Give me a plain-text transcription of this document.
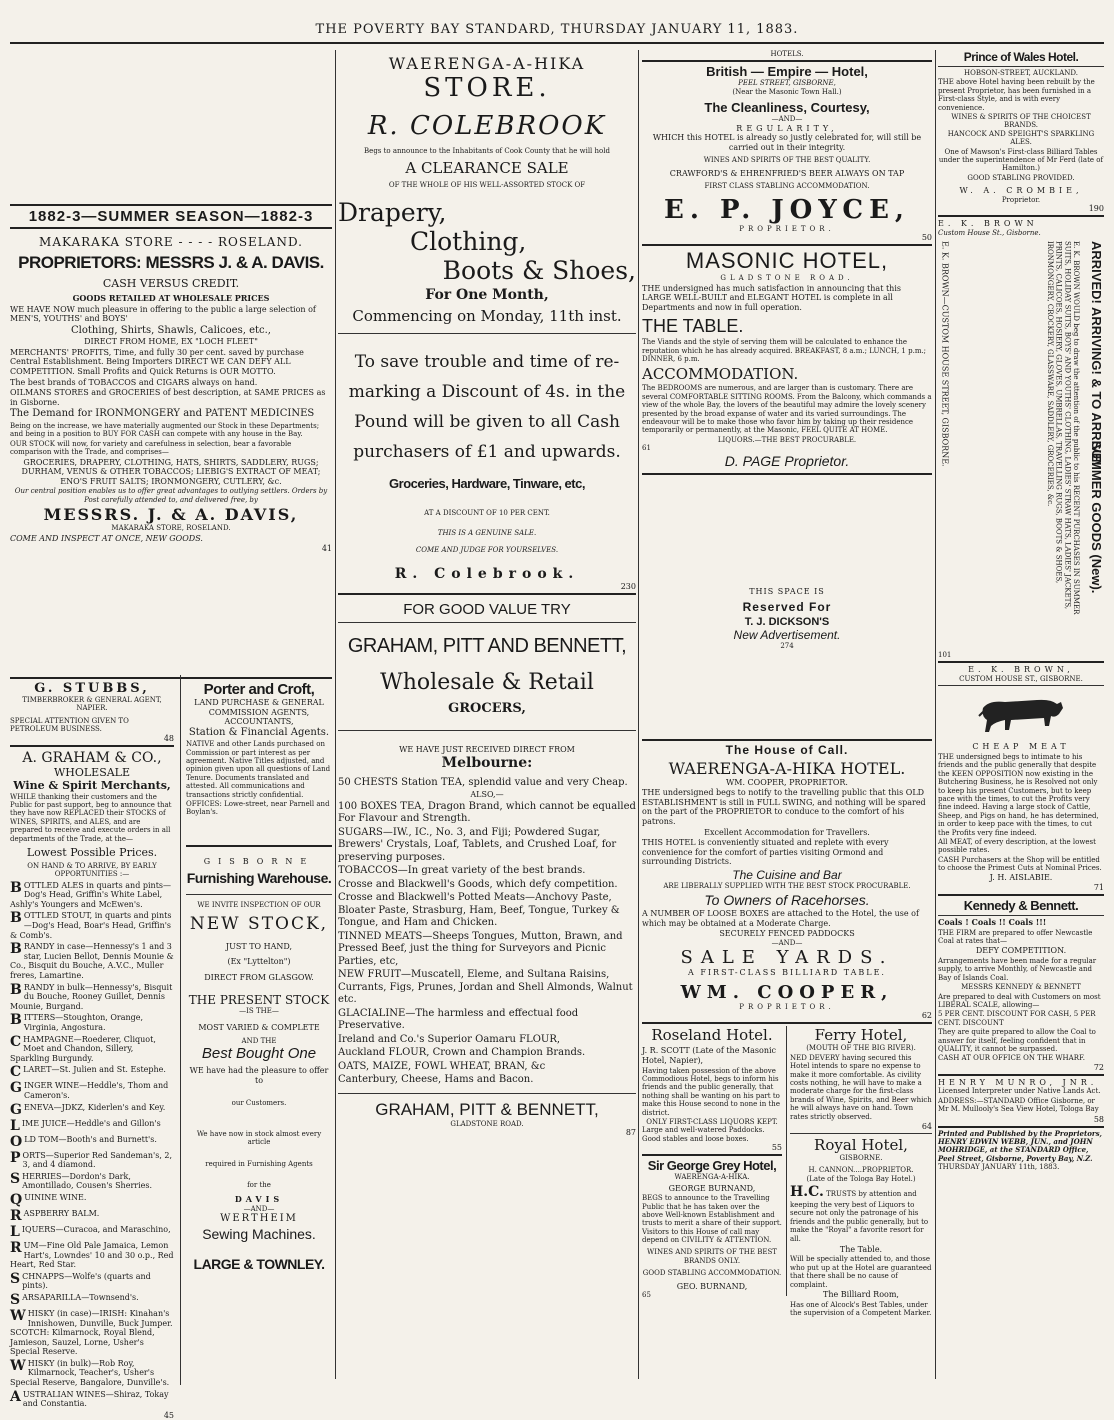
THE POVERTY BAY STANDARD, THURSDAY JANUARY 11, 1883.
1882-3—SUMMER SEASON—1882-3
MAKARAKA STORE - - - - ROSELAND.
PROPRIETORS: MESSRS J. & A. DAVIS.
CASH VERSUS CREDIT.
GOODS RETAILED AT WHOLESALE PRICES
WE HAVE NOW much pleasure in offering to the public a large selection of MEN'S, YOUTHS' and BOYS'
Clothing, Shirts, Shawls, Calicoes, etc.,
DIRECT FROM HOME, EX "LOCH FLEET"
MERCHANTS' PROFITS, Time, and fully 30 per cent. saved by purchase Central Establishment. Being Importers DIRECT WE CAN DEFY ALL COMPETITION. Small Profits and Quick Returns is OUR MOTTO.
The best brands of TOBACCOS and CIGARS always on hand.
OILMANS STORES and GROCERIES of best description, at SAME PRICES as in Gisborne.
The Demand for IRONMONGERY and PATENT MEDICINES
Being on the increase, we have materially augmented our Stock in these Departments; and being in a position to BUY FOR CASH can compete with any house in the Bay.
OUR STOCK will now, for variety and carefulness in selection, bear a favorable comparison with the Trade, and comprises—
GROCERIES, DRAPERY, CLOTHING, HATS, SHIRTS, SADDLERY, RUGS; DURHAM, VENUS & OTHER TOBACCOS; LIEBIG'S EXTRACT OF MEAT; ENO'S FRUIT SALTS; IRONMONGERY, CUTLERY, &c.
Our central position enables us to offer great advantages to outlying settlers. Orders by Post carefully attended to, and delivered free, by
MESSRS. J. & A. DAVIS,
MAKARAKA STORE, ROSELAND.
COME AND INSPECT AT ONCE, NEW GOODS.
41
G. STUBBS,
TIMBERBROKER & GENERAL AGENT,
NAPIER.
SPECIAL ATTENTION GIVEN TO PETROLEUM BUSINESS.
48
A. GRAHAM & CO.,
WHOLESALE
Wine & Spirit Merchants,
WHILE thanking their customers and the Public for past support, beg to announce that they have now REPLACED their STOCKS of WINES, SPIRITS, and ALES, and are prepared to receive and execute orders in all departments of the Trade, at the—
Lowest Possible Prices.
ON HAND & TO ARRIVE, BY EARLY OPPORTUNITIES :—
BOTTLED ALES in quarts and pints—Dog's Head, Griffin's White Label, Ashly's Youngers and McEwen's.
BOTTLED STOUT, in quarts and pints—Dog's Head, Boar's Head, Griffin's & Comb's.
BRANDY in case—Hennessy's 1 and 3 star, Lucien Bellot, Dennis Mounie & Co., Bisquit du Bouche, A.V.C., Muller freres, Lamartine.
BRANDY in bulk—Hennessy's, Bisquit du Bouche, Rooney Guillet, Dennis Mounie, Burgand.
BITTERS—Stoughton, Orange, Virginia, Angostura.
CHAMPAGNE—Roederer, Cliquot, Moet and Chandon, Sillery, Sparkling Burgundy.
CLARET—St. Julien and St. Estephe.
GINGER WINE—Heddle's, Thom and Cameron's.
GENEVA—JDKZ, Kiderlen's and Key.
LIME JUICE—Heddle's and Gillon's
OLD TOM—Booth's and Burnett's.
PORTS—Superior Red Sandeman's, 2, 3, and 4 diamond.
SHERRIES—Dordon's Dark, Amontillado, Cousen's Sherries.
QUININE WINE.
RASPBERRY BALM.
LIQUERS—Curacoa, and Maraschino,
RUM—Fine Old Pale Jamaica, Lemon Hart's, Lowndes' 10 and 30 o.p., Red Heart, Red Star.
SCHNAPPS—Wolfe's (quarts and pints).
SARSAPARILLA—Townsend's.
WHISKY (in case)—IRISH: Kinahan's Innishowen, Dunville, Buck Jumper. SCOTCH: Kilmarnock, Royal Blend, Jamieson, Sauzel, Lorne, Usher's Special Reserve.
WHISKY (in bulk)—Rob Roy, Kilmarnock, Teacher's, Usher's Special Reserve, Bangalore, Dunville's.
AUSTRALIAN WINES—Shiraz, Tokay and Constantia.
45
Porter and Croft,
LAND PURCHASE & GENERAL COMMISSION AGENTS,
ACCOUNTANTS,
Station & Financial Agents.
NATIVE and other Lands purchased on Commission or part interest as per agreement. Native Titles adjusted, and opinion given upon all questions of Land Tenure. Documents translated and attested. All communications and transactions strictly confidential.
OFFICES: Lowe-street, near Parnell and Boylan's.
GISBORNE
Furnishing Warehouse.
WE INVITE INSPECTION OF OUR
NEW STOCK,
JUST TO HAND,
(Ex "Lyttelton")
DIRECT FROM GLASGOW.
THE PRESENT STOCK
—IS THE—
MOST VARIED & COMPLETE
AND THE
Best Bought One
WE have had the pleasure to offer to
our Customers.
We have now in stock almost every article
required in Furnishing Agents
for the
DAVIS
—AND—
WERTHEIM
Sewing Machines.
LARGE & TOWNLEY.
WAERENGA-A-HIKA
STORE.
R. COLEBROOK
Begs to announce to the Inhabitants of Cook County that he will hold
A CLEARANCE SALE
OF THE WHOLE OF HIS WELL-ASSORTED STOCK OF
Drapery,
Clothing,
Boots & Shoes,
For One Month,
Commencing on Monday, 11th inst.
To save trouble and time of re-
marking a Discount of 4s. in the
Pound will be given to all Cash
purchasers of £1 and upwards.
Groceries, Hardware, Tinware, etc,
AT A DISCOUNT OF 10 PER CENT.
THIS IS A GENUINE SALE.
COME AND JUDGE FOR YOURSELVES.
R. Colebrook.
230
FOR GOOD VALUE TRY
GRAHAM, PITT AND BENNETT,
Wholesale & Retail
GROCERS,
WE HAVE JUST RECEIVED DIRECT FROM
Melbourne:
50 CHESTS Station TEA, splendid value and very Cheap.
ALSO,—
100 BOXES TEA, Dragon Brand, which cannot be equalled For Flavour and Strength.
SUGARS—IW., IC., No. 3, and Fiji; Powdered Sugar, Brewers' Crystals, Loaf, Tablets, and Crushed Loaf, for preserving purposes.
TOBACCOS—In great variety of the best brands.
Crosse and Blackwell's Goods, which defy competition.
Crosse and Blackwell's Potted Meats—Anchovy Paste, Bloater Paste, Strasburg, Ham, Beef, Tongue, Turkey & Tongue, and Ham and Chicken.
TINNED MEATS—Sheeps Tongues, Mutton, Brawn, and Pressed Beef, just the thing for Surveyors and Picnic Parties, etc,
NEW FRUIT—Muscatell, Eleme, and Sultana Raisins, Currants, Figs, Prunes, Jordan and Shell Almonds, Walnut etc.
GLACIALINE—The harmless and effectual food Preservative.
Ireland and Co.'s Superior Oamaru FLOUR,
Auckland FLOUR, Crown and Champion Brands.
OATS, MAIZE, FOWL WHEAT, BRAN, &c
Canterbury, Cheese, Hams and Bacon.
GRAHAM, PITT & BENNETT,
GLADSTONE ROAD.
87
HOTELS.
British — Empire — Hotel,
PEEL STREET, GISBORNE,
(Near the Masonic Town Hall.)
The Cleanliness, Courtesy,
—AND—
REGULARITY,
WHICH this HOTEL is already so justly celebrated for, will still be carried out in their integrity.
WINES AND SPIRITS OF THE BEST QUALITY.
CRAWFORD'S & EHRENFRIED'S BEER ALWAYS ON TAP
FIRST CLASS STABLING ACCOMMODATION.
E. P. JOYCE,
PROPRIETOR.
50
MASONIC HOTEL,
GLADSTONE ROAD.
THE undersigned has much satisfaction in announcing that this LARGE WELL-BUILT and ELEGANT HOTEL is complete in all Departments and now in full operation.
THE TABLE.
The Viands and the style of serving them will be calculated to enhance the reputation which he has already acquired. BREAKFAST, 8 a.m.; LUNCH, 1 p.m.; DINNER, 6 p.m.
ACCOMMODATION.
The BEDROOMS are numerous, and are larger than is customary. There are several COMFORTABLE SITTING ROOMS. From the Balcony, which commands a view of the whole Bay, the lovers of the beautiful may admire the lovely scenery presented by the broad expanse of water and its varied surroundings. The endeavour will be to make those who favor him by taking up their residence temporarily or permanently, at the Masonic, FEEL QUITE AT HOME.
LIQUORS.—THE BEST PROCURABLE.
61
D. PAGE Proprietor.
THIS SPACE IS
Reserved For
T. J. DICKSON'S
New Advertisement.
274
The House of Call.
WAERENGA-A-HIKA HOTEL.
WM. COOPER, PROPRIETOR.
THE undersigned begs to notify to the travelling public that this OLD ESTABLISHMENT is still in FULL SWING, and nothing will be spared on the part of the PROPRIETOR to conduce to the comfort of his patrons.
Excellent Accommodation for Travellers.
THIS HOTEL is conveniently situated and replete with every convenience for the comfort of parties visiting Ormond and surrounding Districts.
The Cuisine and Bar
ARE LIBERALLY SUPPLIED WITH THE BEST STOCK PROCURABLE.
To Owners of Racehorses.
A NUMBER OF LOOSE BOXES are attached to the Hotel, the use of which may be obtained at a Moderate Charge.
SECURELY FENCED PADDOCKS
—AND—
SALE YARDS.
A FIRST-CLASS BILLIARD TABLE.
WM. COOPER,
PROPRIETOR.
62
Roseland Hotel.
J. R. SCOTT (Late of the Masonic Hotel, Napier),
Having taken possession of the above Commodious Hotel, begs to inform his friends and the public generally, that nothing shall be wanting on his part to make this House second to none in the district.
ONLY FIRST-CLASS LIQUORS KEPT.
Large and well-watered Paddocks. Good stables and loose boxes.
55
Sir George Grey Hotel,
WAERENGA-A-HIKA.
GEORGE BURNAND,
BEGS to announce to the Travelling Public that he has taken over the above Well-known Establishment and trusts to merit a share of their support. Visitors to this House of call may depend on CIVILITY & ATTENTION.
WINES AND SPIRITS OF THE BEST BRANDS ONLY.
GOOD STABLING ACCOMMODATION.
GEO. BURNAND,
65
Ferry Hotel,
(MOUTH OF THE BIG RIVER).
NED DEVERY having secured this Hotel intends to spare no expense to make it more comfortable. As civility costs nothing, he will have to make a moderate charge for the first-class brands of Wine, Spirits, and Beer which he will always have on hand. Town rates strictly observed.
64
Royal Hotel,
GISBORNE.
H. CANNON....PROPRIETOR.
(Late of the Tologa Bay Hotel.)
H.C. TRUSTS by attention and keeping the very best of Liquors to secure not only the patronage of his friends and the public generally, but to make the "Royal" a favorite resort for all.
The Table.
Will be specially attended to, and those who put up at the Hotel are guaranteed that there shall be no cause of complaint.
The Billiard Room,
Has one of Alcock's Best Tables, under the supervision of a Competent Marker.
Prince of Wales Hotel.
HOBSON-STREET, AUCKLAND.
THE above Hotel having been rebuilt by the present Proprietor, has been furnished in a First-class Style, and is with every convenience.
WINES & SPIRITS OF THE CHOICEST BRANDS.
HANCOCK AND SPEIGHT'S SPARKLING ALES.
One of Mawson's First-class Billiard Tables under the superintendence of Mr Ferd (late of Hamilton.)
GOOD STABLING PROVIDED.
W. A. CROMBIE,
Proprietor.
190
E. K. BROWN
Custom House St., Gisborne.
ARRIVED! ARRIVING! & TO ARRIVE!
SUMMER GOODS (New).
E. K. BROWN WOULD beg to draw the attention of the public to his RECENT PURCHASES IN SUMMER SUITS, HOLIDAY SUITS, BOYS' AND YOUTHS' CLOTHING, LADIES' STRAW HATS, LADIES' JACKETS, PRINTS, CALICOES, HOSIERY, GLOVES, UMBRELLAS, TRAVELLING RUGS, BOOTS & SHOES, IRONMONGERY, CROCKERY, GLASSWARE, SADDLERY, GROCERIES, &c.
E. K. BROWN—CUSTOM HOUSE STREET, GISBORNE.
101
E. K. BROWN,
CUSTOM HOUSE ST., GISBORNE.
CHEAP MEAT
THE undersigned begs to intimate to his friends and the public generally that despite the KEEN OPPOSITION now existing in the Butchering Business, he is Resolved not only to keep his present Customers, but to keep pace with the times, to cut the Profits very fine indeed. Having a large stock of Cattle, Sheep, and Pigs on hand, he has determined, in order to keep pace with the times, to cut the Profits very fine indeed.
All MEAT, of every description, at the lowest possible rates.
CASH Purchasers at the Shop will be entitled to choose the Primest Cuts at Nominal Prices.
J. H. AISLABIE.
71
Kennedy & Bennett.
Coals ! Coals !! Coals !!!
THE FIRM are prepared to offer Newcastle Coal at rates that—
DEFY COMPETITION.
Arrangements have been made for a regular supply, to arrive Monthly, of Newcastle and Bay of Islands Coal.
MESSRS KENNEDY & BENNETT
Are prepared to deal with Customers on most LIBERAL SCALE, allowing—
5 PER CENT. DISCOUNT FOR CASH, 5 PER CENT. DISCOUNT
They are quite prepared to allow the Coal to answer for itself, feeling confident that in QUALITY, it cannot be surpassed.
CASH AT OUR OFFICE ON THE WHARF.
72
HENRY MUNRO, JNR.
Licensed Interpreter under Native Lands Act.
ADDRESS:—STANDARD Office Gisborne, or Mr M. Mullooly's Sea View Hotel, Tologa Bay
58
Printed and Published by the Proprietors, HENRY EDWIN WEBB, JUN., and JOHN MOHRIDGE, at the STANDARD Office, Peel Street, Gisborne, Poverty Bay, N.Z.
THURSDAY JANUARY 11th, 1883.
